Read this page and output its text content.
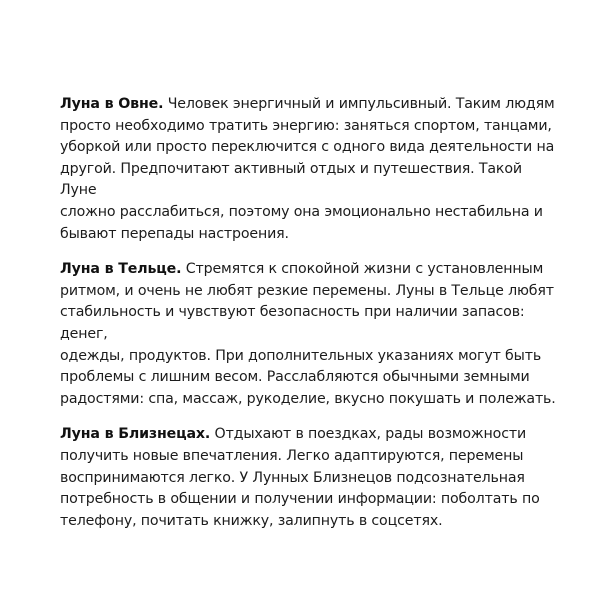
Луна в Овне. Человек энергичный и импульсивный. Таким людям
просто необходимо тратить энергию: заняться спортом, танцами,
уборкой или просто переключится с одного вида деятельности на
другой. Предпочитают активный отдых и путешествия. Такой Луне
сложно расслабиться, поэтому она эмоционально нестабильна и
бывают перепады настроения.

Луна в Тельце. Стремятся к спокойной жизни с установленным
ритмом, и очень не любят резкие перемены. Луны в Тельце любят
стабильность и чувствуют безопасность при наличии запасов: денег,
одежды, продуктов. При дополнительных указаниях могут быть
проблемы с лишним весом. Расслабляются обычными земными
радостями: спа, массаж, рукоделие, вкусно покушать и полежать.

Луна в Близнецах. Отдыхают в поездках, рады возможности
получить новые впечатления. Легко адаптируются, перемены
воспринимаются легко. У Лунных Близнецов подсознательная
потребность в общении и получении информации: поболтать по
телефону, почитать книжку, залипнуть в соцсетях.
